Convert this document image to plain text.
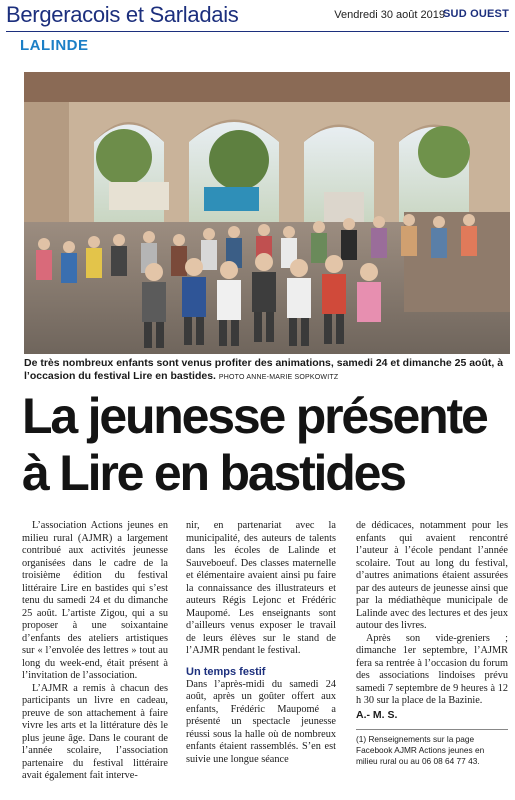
Bergeracois et Sarladais	Vendredi 30 août 2019
SUD OUEST
LALINDE
De très nombreux enfants sont venus profiter des animations, samedi 24 et dimanche 25 août, à l’occasion du festival Lire en bastides. PHOTO ANNE-MARIE SOPKOWITZ
La jeunesse présente
à Lire en bastides

L’association Actions jeunes en milieu rural (AJMR) a largement contribué aux activités jeunesse organisées dans le cadre de la troisième édition du festival littéraire Lire en bastides qui s’est tenu du samedi 24 et du dimanche 25 août. L’artiste Zigou, qui a su proposer à une soixantaine d’enfants des ateliers artistiques sur « l’envolée des lettres » tout au long du week-end, était présent à l’invitation de l’association.

L’AJMR a remis à chacun des participants un livre en cadeau, preuve de son attachement à faire vivre les arts et la littérature dès le plus jeune âge. Dans le courant de l’année scolaire, l’association partenaire du festival littéraire avait également fait interve-

nir, en partenariat avec la municipalité, des auteurs de talents dans les écoles de Lalinde et Sauveboeuf. Des classes maternelle et élémentaire avaient ainsi pu faire la connaissance des illustrateurs et auteurs Régis Lejonc et Frédéric Maupomé. Les enseignants sont d’ailleurs venus exposer le travail de leurs élèves sur le stand de l’AJMR pendant le festival.

Un temps festif

Dans l’après-midi du samedi 24 août, après un goûter offert aux enfants, Frédéric Maupomé a présenté un spectacle jeunesse réussi sous la halle où de nombreux enfants étaient rassemblés. S’en est suivie une longue séance

de dédicaces, notamment pour les enfants qui avaient rencontré l’auteur à l’école pendant l’année scolaire. Tout au long du festival, d’autres animations étaient assurées par des auteurs de jeunesse ainsi que par la médiathèque municipale de Lalinde avec des lectures et des jeux autour des livres.

Après son vide-greniers ; dimanche 1er septembre, l’AJMR fera sa rentrée à l’occasion du forum des associations lindoises prévu samedi 7 septembre de 9 heures à 12 h 30 sur la place de la Bazinie.

A.- M. S.
(1) Renseignements sur la page Facebook AJMR Actions jeunes en milieu rural ou au 06 08 64 77 43.
